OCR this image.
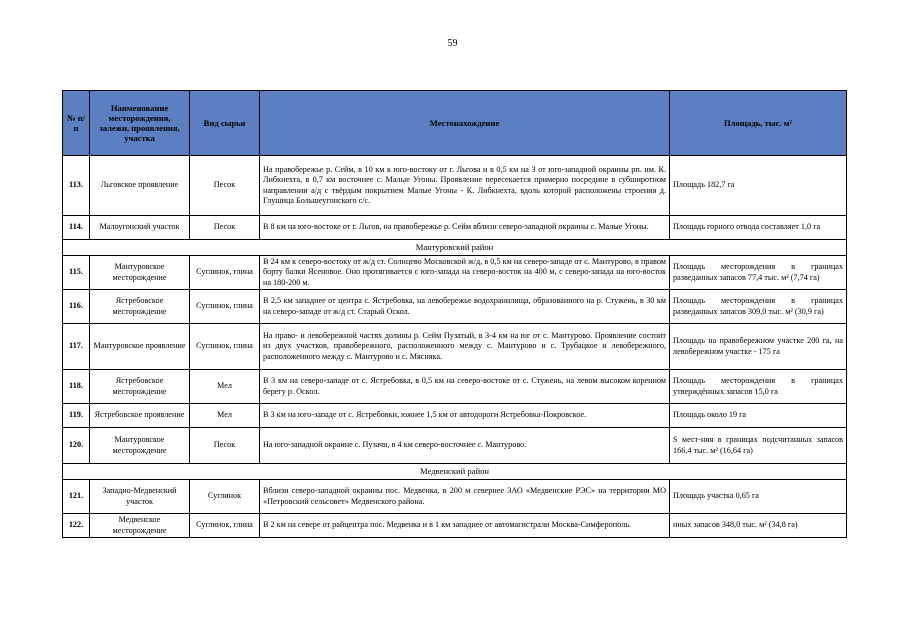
59
№ п/п	Наименование месторождения, залежи, проявления, участка	Вид сырья	Местонахождение	Площадь, тыс. м²
113.	Льговское проявление	Песок	На правобережье р. Сейм, в 10 км к юго-востоку от г. Льгова и в 0,5 км на З от юго-западной окраины рп. им. К. Либкнехта, в 0,7 км восточнее с. Малые Угоны. Проявление пересекается примерно посредине в субширотном направлении а/д с твёрдым покрытием Малые Угоны - К. Либкнехта, вдоль которой расположены строения д. Глушица Большеугонского с/с.	Площадь 182,7 га
114.	Малоугонский участок	Песок	В 8 км на юго-востоке от г. Льгов, на правобережье р. Сейм вблизи северо-западной окраины с. Малые Угоны.	Площадь горного отвода составляет 1,0 га
Мантуровский район				
115.	Мантуровское месторождение	Суглинок, глина	В 24 км к северо-востоку от ж/д ст. Солнцево Московской ж/д, в 0,5 км на северо-западе от с. Мантурово, в правом борту балки Ясеновое. Оно протягивается с юго-запада на северо-восток на 400 м, с северо-запада на юго-восток на 180-200 м.	Площадь месторождения в границах разведанных запасов 77,4 тыс. м² (7,74 га)
116.	Ястребовское месторождение	Суглинок, глина	В 2,5 км западнее от центра с. Ястребовка, на левобережье водохранилища, образованного на р. Стужень, в 30 км на северо-западе от ж/д ст. Старый Оскол.	Площадь месторождения в границах разведанных запасов 309,0 тыс. м² (30,9 га)
117.	Мантуровское проявление	Суглинок, глина	На право- и левобережной частях долины р. Сейм Пузатый, в 3-4 км на юг от с. Мантурово. Проявление состоит из двух участков, правобережного, расположенного между с. Мантурово и с. Трубацкое и левобережного, расположенного между с. Мантурово и с. Мясняка.	Площадь на правобережном участке 200 га, на левобережном участке - 175 га
118.	Ястребовское месторождение	Мел	В 3 км на северо-западе от с. Ястребовка, в 0,5 км на северо-востоке от с. Стужень, на левом высоком коренном берегу р. Оскол.	Площадь месторождения в границах утверждённых запасов 15,0 га
119.	Ястребовское проявление	Мел	В 3 км на юго-западе от с. Ястребовки, южнее 1,5 км от автодороги Ястребовка-Покровское.	Площадь около 19 га
120.	Мантуровское месторождение	Песок	На юго-западной окраине с. Пузачи, в 4 км северо-восточнее с. Мантурово.	S мест-ния в границах подсчитанных запасов 166,4 тыс. м² (16,64 га)
Медвенский район				
121.	Западно-Медвенский участок	Суглинок	Вблизи северо-западной окраины пос. Медвенка, в 200 м севернее ЗАО «Медвенские РЭС» на территории МО «Петровский сельсовет» Медвенского района.	Площадь участка 0,65 га
122.	Медвенское месторождение	Суглинок, глина	В 2 км на севере от райцентра пос. Медвенка и в 1 км западнее от автомагистрали Москва-Симферополь.	нных запасов 348,0 тыс. м² (34,8 га)
